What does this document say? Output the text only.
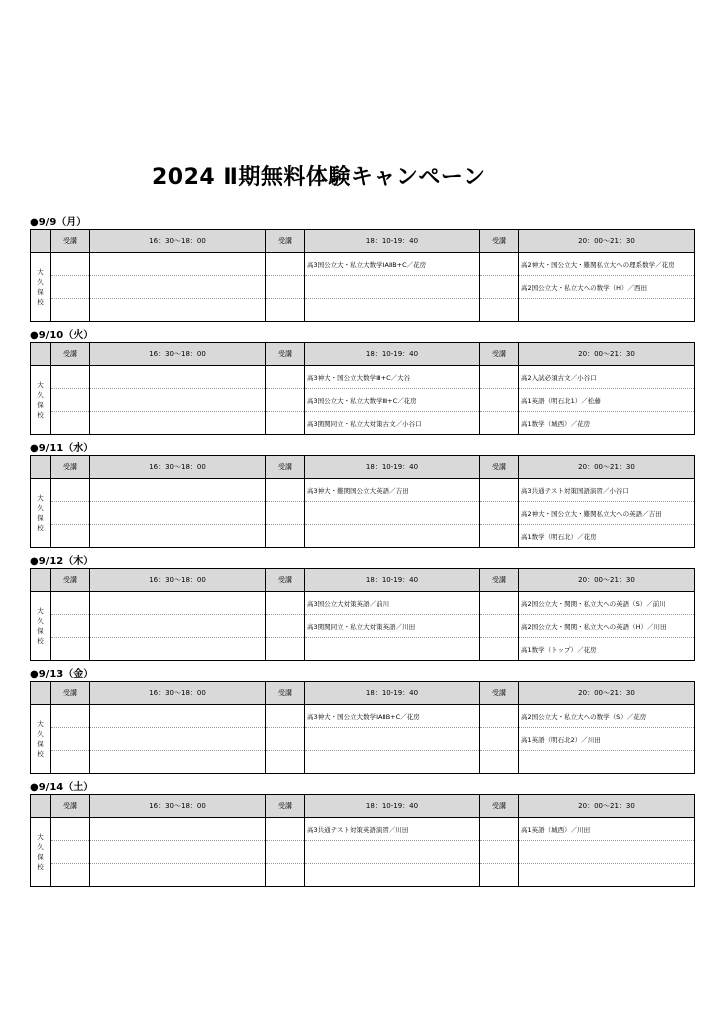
2024 Ⅱ期無料体験キャンペーン
●9/9（月）
	受講	16：30～18：00	受講	18：10-19：40	受講	20：00～21：30

大
久
保
校				高3国公立大・私立大数学ⅠAⅡB+C／花房		高2神大・国公立大・難関私立大への理系数学／花房
						高2国公立大・私立大への数学（H）／西田

●9/10（火）
	受講	16：30～18：00	受講	18：10-19：40	受講	20：00～21：30

大
久
保
校				高3神大・国公立大数学Ⅲ+C／大谷		高2入試必須古文／小谷口
				高3国公立大・私立大数学Ⅲ+C／花房		高1英語（明石北1）／松藤
				高3関関同立・私立大対策古文／小谷口		高1数学（城西）／花房
●9/11（水）
	受講	16：30～18：00	受講	18：10-19：40	受講	20：00～21：30

大
久
保
校				高3神大・難関国公立大英語／吉田		高3共通テスト対策国語演習／小谷口
						高2神大・国公立大・難関私立大への英語／吉田
						高1数学（明石北）／花房
●9/12（木）
	受講	16：30～18：00	受講	18：10-19：40	受講	20：00～21：30

大
久
保
校				高3国公立大対策英語／前川		高2国公立大・関関・私立大への英語（S）／前川
				高3関関同立・私立大対策英語／川田		高2国公立大・関関・私立大への英語（H）／川田
						高1数学（トップ）／花房
●9/13（金）
	受講	16：30～18：00	受講	18：10-19：40	受講	20：00～21：30

大
久
保
校				高3神大・国公立大数学ⅠAⅡB+C／花房		高2国公立大・私立大への数学（S）／花房
						高1英語（明石北2）／川田

●9/14（土）
	受講	16：30～18：00	受講	18：10-19：40	受講	20：00～21：30

大
久
保
校				高3共通テスト対策英語演習／川田		高1英語（城西）／川田
